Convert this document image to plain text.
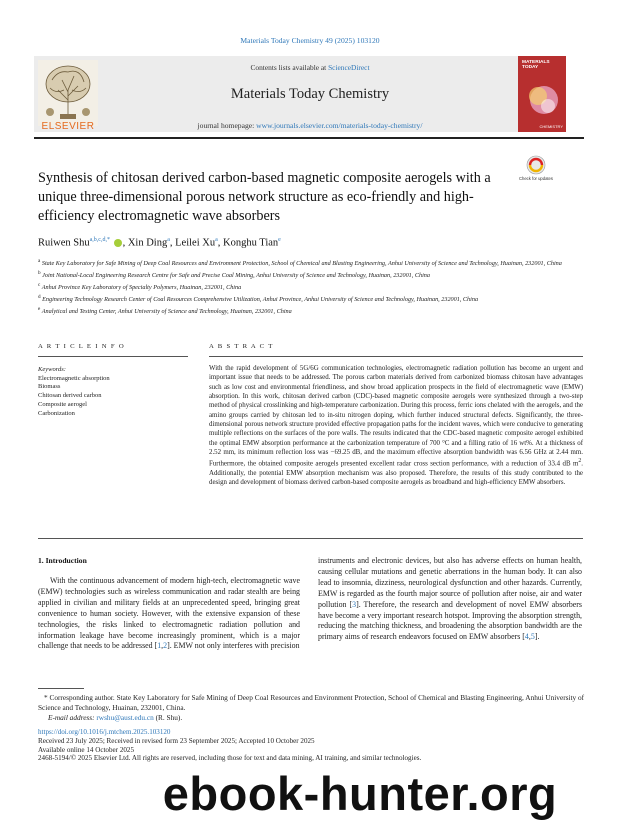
Materials Today Chemistry 49 (2025) 103120
ELSEVIER
Contents lists available at ScienceDirect
Materials Today Chemistry
journal homepage: www.journals.elsevier.com/materials-today-chemistry/
MATERIALS TODAY
CHEMISTRY
Synthesis of chitosan derived carbon-based magnetic composite aerogels with a unique three-dimensional porous network structure as eco-friendly and high-efficiency electromagnetic wave absorbers
Check for updates
Ruiwen Shu$^{a,b,c,d,*}$ , Xin Ding$^a$, Leilei Xu$^a$, Konghu Tian$^e$
$^a$ State Key Laboratory for Safe Mining of Deep Coal Resources and Environment Protection, School of Chemical and Blasting Engineering, Anhui University of Science and Technology, Huainan, 232001, China
$^b$ Joint National-Local Engineering Research Centre for Safe and Precise Coal Mining, Anhui University of Science and Technology, Huainan, 232001, China
$^c$ Anhui Province Key Laboratory of Specialty Polymers, Huainan, 232001, China
$^d$ Engineering Technology Research Center of Coal Resources Comprehensive Utilization, Anhui Province, Anhui University of Science and Technology, Huainan, 232001, China
$^e$ Analytical and Testing Center, Anhui University of Science and Technology, Huainan, 232001, China
A R T I C L E I N F O
Keywords:
Electromagnetic absorption
Biomass
Chitosan derived carbon
Composite aerogel
Carbonization
A B S T R A C T
With the rapid development of 5G/6G communication technologies, electromagnetic radiation pollution has become an urgent and important issue that needs to be addressed. The porous carbon materials derived from carbonized biomass chitosan have advantages such as low cost and environmental friendliness, and show broad application prospects in the field of electromagnetic wave (EMW) absorption. In this work, chitosan derived carbon (CDC)-based magnetic composite aerogels were synthesized through a two-step method of physical crosslinking and high-temperature carbonization. During this process, ferric ions chelated with the aerogels, and the amino groups carried by chitosan led to in-situ nitrogen doping, which further induced structural defects. Significantly, the three-dimensional porous network structure provided effective propagation paths for the incident waves, which were conducive to generating multiple reflections on the surfaces of the pore walls. The results indicated that the CDC-based magnetic composite aerogel exhibited the optimal EMW absorption performance at the carbonization temperature of 700 °C and a filling ratio of 16 wt%. At a thickness of 2.52 mm, its minimum reflection loss was −69.25 dB, and the maximum effective absorption bandwidth was 6.56 GHz at 2.44 mm. Furthermore, the obtained composite aerogels presented excellent radar cross section performance, with a reduction of 33.4 dB $m^2$. Additionally, the potential EMW absorption mechanism was also proposed. Therefore, the results of this study contributed to the design and development of biomass derived carbon-based composite aerogels as broadband and high-efficiency EMW absorbers.
1. Introduction
With the continuous advancement of modern high-tech, electromagnetic wave (EMW) technologies such as wireless communication and radar stealth are being applied in civilian and military fields at an unprecedented speed, bringing great convenience to human society. However, with the extensive expansion of these technologies, the risks linked to electromagnetic radiation pollution and information leakage have become increasingly prominent, which is a major challenge that needs to be addressed [1,2]. EMW not only interferes with precision
instruments and electronic devices, but also has adverse effects on human health, causing cellular mutations and genetic aberrations in the human body. It can also lead to insomnia, dizziness, neurological dysfunction and other hazards. Currently, EMW is regarded as the fourth major source of pollution after noise, air and water pollution [3]. Therefore, the research and development of novel EMW absorbers have become a very important research hotspot. Improving the absorption strength, reducing the matching thickness, and broadening the absorption bandwidth are the primary aims of research endeavors focused on EMW absorbers [4,5].
* Corresponding author. State Key Laboratory for Safe Mining of Deep Coal Resources and Environment Protection, School of Chemical and Blasting Engineering, Anhui University of Science and Technology, Huainan, 232001, China.
E-mail address: rwshu@aust.edu.cn (R. Shu).
https://doi.org/10.1016/j.mtchem.2025.103120
Received 23 July 2025; Received in revised form 23 September 2025; Accepted 10 October 2025
Available online 14 October 2025
2468-5194/© 2025 Elsevier Ltd. All rights are reserved, including those for text and data mining, AI training, and similar technologies.
ebook-hunter.org
